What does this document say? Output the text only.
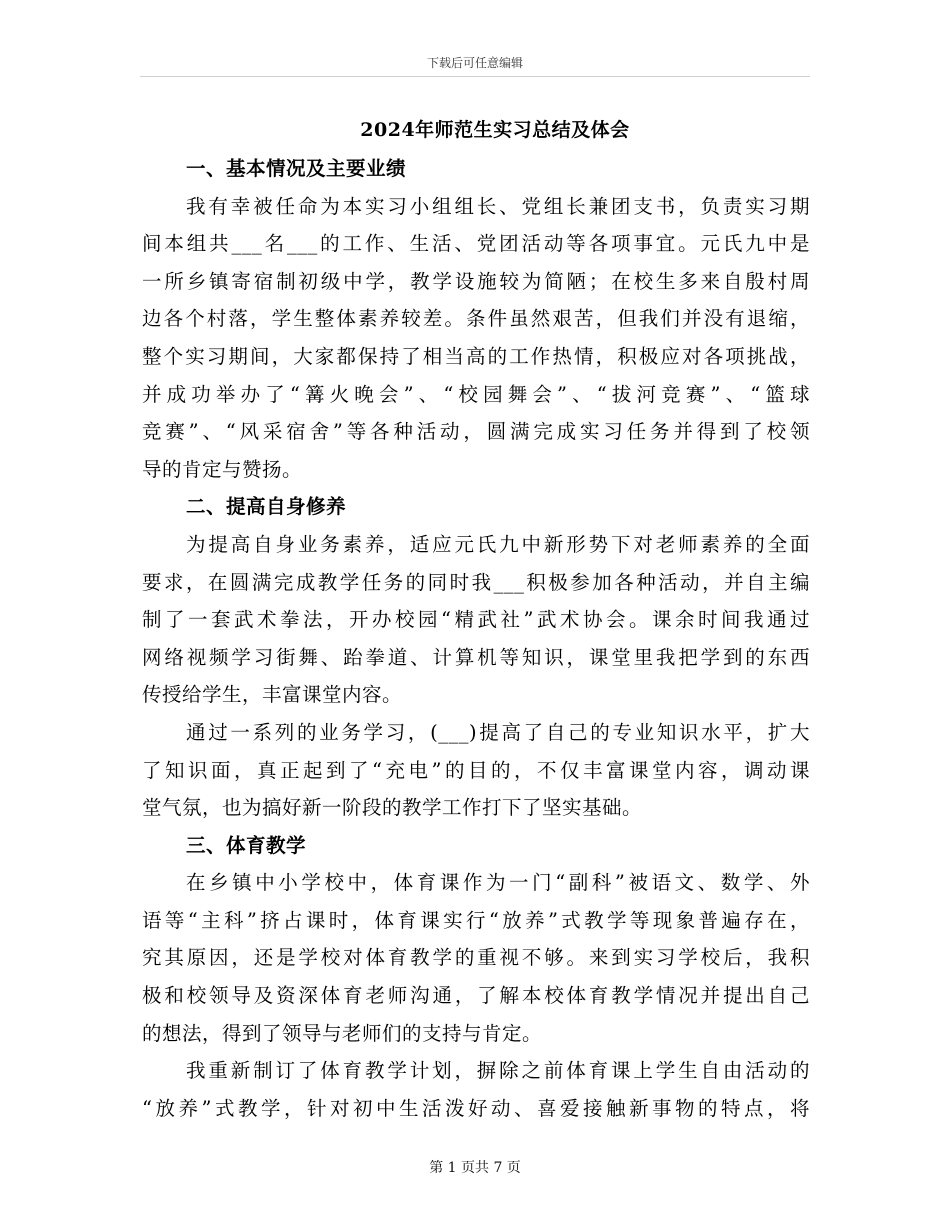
下载后可任意编辑
2024年师范生实习总结及体会
一、基本情况及主要业绩
我有幸被任命为本实习小组组长、党组长兼团支书，负责实习期
间本组共___名___的工作、生活、党团活动等各项事宜。元氏九中是
一所乡镇寄宿制初级中学，教学设施较为简陋；在校生多来自殷村周
边各个村落，学生整体素养较差。条件虽然艰苦，但我们并没有退缩，
整个实习期间，大家都保持了相当高的工作热情，积极应对各项挑战，
并成功举办了“篝火晚会”、“校园舞会”、“拔河竞赛”、“篮球
竞赛”、“风采宿舍”等各种活动，圆满完成实习任务并得到了校领
导的肯定与赞扬。
二、提高自身修养
为提高自身业务素养，适应元氏九中新形势下对老师素养的全面
要求，在圆满完成教学任务的同时我___积极参加各种活动，并自主编
制了一套武术拳法，开办校园“精武社”武术协会。课余时间我通过
网络视频学习街舞、跆拳道、计算机等知识，课堂里我把学到的东西
传授给学生，丰富课堂内容。
通过一系列的业务学习，(___)提高了自己的专业知识水平，扩大
了知识面，真正起到了“充电”的目的，不仅丰富课堂内容，调动课
堂气氛，也为搞好新一阶段的教学工作打下了坚实基础。
三、体育教学
在乡镇中小学校中，体育课作为一门“副科”被语文、数学、外
语等“主科”挤占课时，体育课实行“放养”式教学等现象普遍存在，
究其原因，还是学校对体育教学的重视不够。来到实习学校后，我积
极和校领导及资深体育老师沟通，了解本校体育教学情况并提出自己
的想法，得到了领导与老师们的支持与肯定。
我重新制订了体育教学计划，摒除之前体育课上学生自由活动的
“放养”式教学，针对初中生活泼好动、喜爱接触新事物的特点，将
第 1 页共 7 页
